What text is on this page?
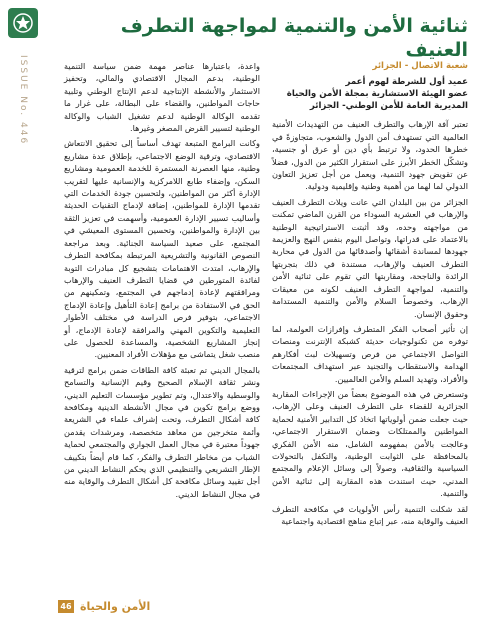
ISSUE No. 446
ثنائية الأمن والتنمية لمواجهة التطرف العنيف
شعبة الاتصال - الجزائر
عميد أول للشرطة لهوم أعمر
عضو الهيئة الاستشارية بمجلة الأمن والحياة
المديرية العامة للأمن الوطني- الجزائر

تعتبر آفة الإرهاب والتطرف العنيف من التهديدات الأمنية العالمية التي تستهدف أمن الدول والشعوب، متجاوزةً في خطرها الحدود، ولا ترتبط بأي دين أو عرق أو جنسية، وتشكّل الخطر الأبرز على استقرار الكثير من الدول، فضلاً عن تقويض جهود التنمية، ويعمل من أجل تعزيز التعاون الدولي لما لهما من أهمية وطنية وإقليمية ودولية.

الجزائر من بين البلدان التي عانت ويلات التطرف العنيف والإرهاب في العشرية السوداء من القرن الماضي تمكنت من مواجهته وحده، وقد أثبتت الاستراتيجية الوطنية بالاعتماد على قدراتها، وتواصل اليوم بنفس النهج والعزيمة جهودها لمساندة أشقائها وأصدقائها من الدول في محاربة التطرف العنيف والإرهاب، مستندة في ذلك بتجربتها الرائدة والناجحة، ومقاربتها التي تقوم على ثنائية الأمن والتنمية، لمواجهة التطرف العنيف لكونه من معيقات الإرهاب، وخصوصاً السلام والأمن والتنمية المستدامة وحقوق الإنسان.

إن تأثير أصحاب الفكر المتطرف وإفرازات العولمة، لما توفره من تكنولوجيات حديثة كشبكة الإنترنت ومنصات التواصل الاجتماعي من فرص وتسهيلات لبث أفكارهم الهدامة والاستقطاب والتجنيد عبر استهداف المجتمعات والأفراد، وتهديد السلم والأمن العالميين.

وتستعرض في هذه الموضوع بعضاً من الإجراءات المقاربة الجزائرية للقضاء على التطرف العنيف وعلى الإرهاب، حيث جعلت ضمن أولوياتها اتخاذ كل التدابير الأمنية لحماية المواطنين والممتلكات وضمان الاستقرار الاجتماعي، وعالجت بالأمن بمفهومه الشامل، منه الأمن الفكري بالمحافظة على الثوابت الوطنية، والتكفل بالتحولات السياسية والثقافية، وصولاً إلى وسائل الإعلام والمجتمع المدني، حيث استندت هذه المقاربة إلى ثنائية الأمن والتنمية.

لقد شكلت التنمية رأس الأولويات في مكافحة التطرف العنيف والوقاية منه، عبر إتباع مناهج اقتصادية واجتماعية

واعدة، باعتبارها عناصر مهمة ضمن سياسة التنمية الوطنية، بدعم المجال الاقتصادي والمالي، وتحفيز الاستثمار والأنشطة الإنتاجية لدعم الإنتاج الوطني وتلبية حاجات المواطنين، والقضاء على البطالة، على غرار ما تقدمه الوكالة الوطنية لدعم تشغيل الشباب والوكالة الوطنية لتسيير القرض المصغر وغيرها.

وكانت البرامج المتبعة تهدف أساساً إلى تحقيق الانتعاش الاقتصادي، وترقية الوضع الاجتماعي، بإطلاق عدة مشاريع وطنية، منها العصرنة المستمرة للخدمة العمومية ومشاريع السكن، وإضفاء طابع اللامركزية والإنسانية عليها لتقريب الإدارة أكثر من المواطنين، ولتحسين جودة الخدمات التي تقدمها الإدارة للمواطنين، إضافة لإدماج التقنيات الحديثة وأساليب تسيير الإدارة العمومية، وأسهمت في تعزيز الثقة بين الإدارة والمواطنين، وتحسين المستوى المعيشي في المجتمع، على صعيد السياسة الجنائية. وبعد مراجعة النصوص القانونية والتشريعية المرتبطة بمكافحة التطرف والإرهاب، امتدت الاهتمامات بتشجيع كل مبادرات التوبة لفائدة المتورطين في قضايا التطرف العنيف والإرهاب ومرافقتهم لإعادة إدماجهم في المجتمع، وتمكينهم من الحق في الاستفادة من برامج إعادة التأهيل وإعادة الإدماج الاجتماعي، بتوفير فرص الدراسة في مختلف الأطوار التعليمية والتكوين المهني والمرافقة لإعادة الإدماج، أو إنجاز المشاريع الشخصية، والمساعدة للحصول على منصب شغل يتماشى مع مؤهلات الأفراد المعنيين.

بالمجال الديني تم تعبئة كافة الطاقات ضمن برامج لترقية ونشر ثقافة الإسلام الصحيح وقيم الإنسانية والتسامح والوسطية والاعتدال، وتم تطوير مؤسسات التعليم الديني، ووضع برامج تكوين في مجال الأنشطة الدينية ومكافحة كافة أشكال التطرف، وتحت إشراف علماء في الشريعة وأئمة متخرجين من معاهد متخصصة، ومرشدات يقدمن جهوداً معتبرة في مجال العمل الجواري والمجتمعي لحماية الشباب من مخاطر التطرف والفكر، كما قام أيضاً بتكييف الإطار التشريعي والتنظيمي الذي يحكم النشاط الديني من أجل تقييد وسائل مكافحة كل أشكال التطرف والوقاية منه في مجال النشاط الديني.

46 الأمن والحياة
